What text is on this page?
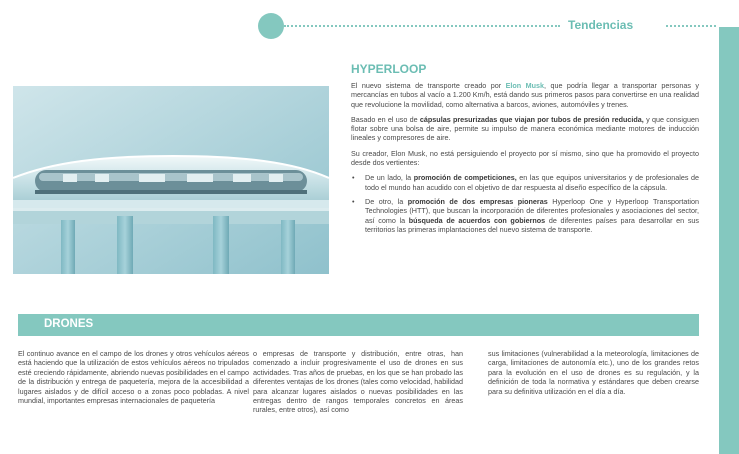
Tendencias
HYPERLOOP

El nuevo sistema de transporte creado por Elon Musk, que podría llegar a transportar personas y mercancías en tubos al vacío a 1.200 Km/h, está dando sus primeros pasos para convertirse en una realidad que revolucione la movilidad, como alternativa a barcos, aviones, automóviles y trenes.

Basado en el uso de cápsulas presurizadas que viajan por tubos de presión reducida, y que consiguen flotar sobre una bolsa de aire, permite su impulso de manera económica mediante motores de inducción lineales y compresores de aire.

Su creador, Elon Musk, no está persiguiendo el proyecto por sí mismo, sino que ha promovido el proyecto desde dos vertientes:

• De un lado, la promoción de competiciones, en las que equipos universitarios y de profesionales de todo el mundo han acudido con el objetivo de dar respuesta al diseño específico de la cápsula.
• De otro, la promoción de dos empresas pioneras Hyperloop One y Hyperloop Transportation Technologies (HTT), que buscan la incorporación de diferentes profesionales y asociaciones del sector, así como la búsqueda de acuerdos con gobiernos de diferentes países para desarrollar en sus territorios las primeras implantaciones del nuevo sistema de transporte.
DRONES

El continuo avance en el campo de los drones y otros vehículos aéreos está haciendo que la utilización de estos vehículos aéreos no tripulados esté creciendo rápidamente, abriendo nuevas posibilidades en el campo de la distribución y entrega de paquetería, mejora de la accesibilidad a lugares aislados y de difícil acceso o a zonas poco pobladas. A nivel mundial, importantes empresas internacionales de paquetería

o empresas de transporte y distribución, entre otras, han comenzado a incluir progresivamente el uso de drones en sus actividades. Tras años de pruebas, en los que se han probado las diferentes ventajas de los drones (tales como velocidad, habilidad para alcanzar lugares aislados o nuevas posibilidades en las entregas dentro de rangos temporales concretos en áreas rurales, entre otros), así como

sus limitaciones (vulnerabilidad a la meteorología, limitaciones de carga, limitaciones de autonomía etc.), uno de los grandes retos para la evolución en el uso de drones es su regulación, y la definición de toda la normativa y estándares que deben crearse para su definitiva utilización en el día a día.
